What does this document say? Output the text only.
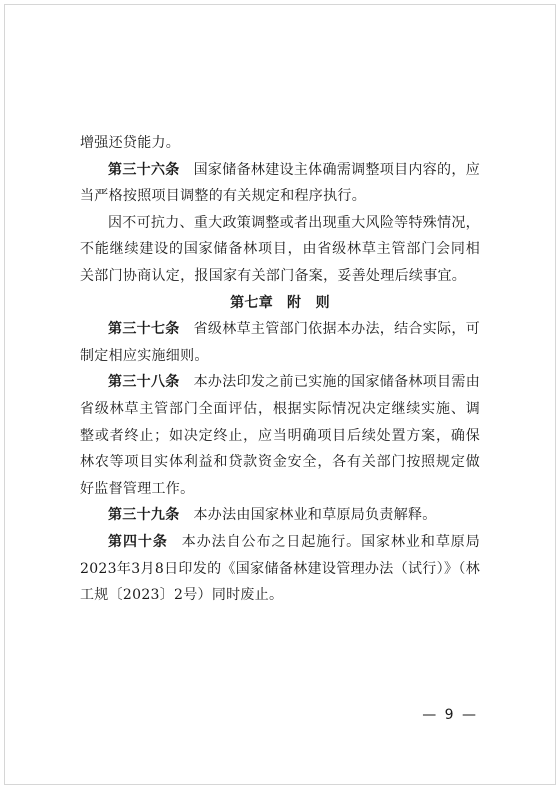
增强还贷能力。

第三十六条 国家储备林建设主体确需调整项目内容的，应当严格按照项目调整的有关规定和程序执行。

因不可抗力、重大政策调整或者出现重大风险等特殊情况，不能继续建设的国家储备林项目，由省级林草主管部门会同相关部门协商认定，报国家有关部门备案，妥善处理后续事宜。

第七章 附　则

第三十七条 省级林草主管部门依据本办法，结合实际，可制定相应实施细则。

第三十八条 本办法印发之前已实施的国家储备林项目需由省级林草主管部门全面评估，根据实际情况决定继续实施、调整或者终止；如决定终止，应当明确项目后续处置方案，确保林农等项目实体利益和贷款资金安全，各有关部门按照规定做好监督管理工作。

第三十九条 本办法由国家林业和草原局负责解释。

第四十条 本办法自公布之日起施行。国家林业和草原局2023年3月8日印发的《国家储备林建设管理办法（试行）》（林工规〔2023〕2号）同时废止。

— 9 —
